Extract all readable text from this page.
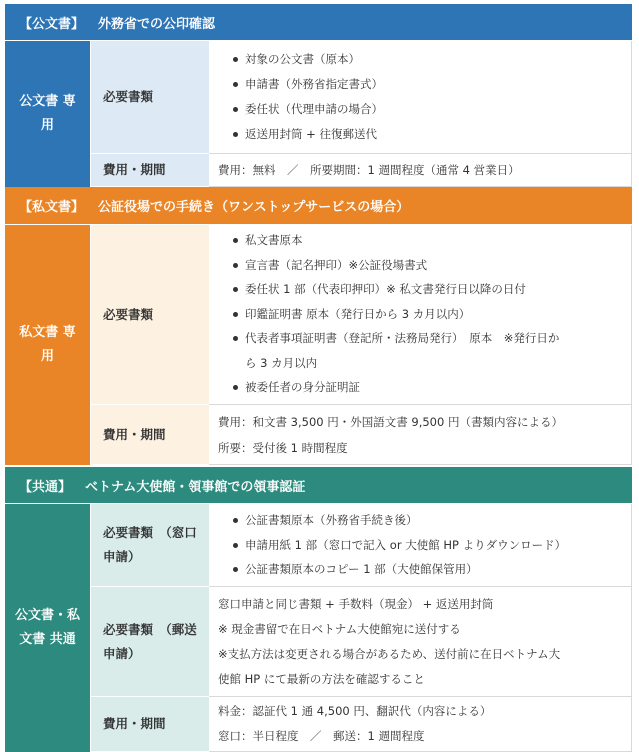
【公文書】 外務省での公印確認
公文書 専用
必要書類
対象の公文書（原本）
申請書（外務省指定書式）
委任状（代理申請の場合）
返送用封筒 + 往復郵送代
費用・期間	費用：無料　／　所要期間：1 週間程度（通常 4 営業日）

【私文書】 公証役場での手続き（ワンストップサービスの場合）
私文書 専用
必要書類
私文書原本
宣言書（記名押印）※公証役場書式
委任状 1 部（代表印押印）※ 私文書発行日以降の日付
印鑑証明書 原本（発行日から 3 カ月以内）
代表者事項証明書（登記所・法務局発行）　原本　※発行日か
ら 3 カ月以内
被委任者の身分証明証
費用・期間

費用：和文書 3,500 円・外国語文書 9,500 円（書類内容による）

所要：受付後 1 時間程度

【共通】 ベトナム大使館・領事館での領事認証
公文書・私文書 共通
必要書類　（窓口申請）
公証書類原本（外務省手続き後）
申請用紙 1 部（窓口で記入 or 大使館 HP よりダウンロード）
公証書類原本のコピー 1 部（大使館保管用）
必要書類　（郵送申請）

窓口申請と同じ書類 + 手数料（現金） + 返送用封筒

※ 現金書留で在日ベトナム大使館宛に送付する

※支払方法は変更される場合があるため、送付前に在日ベトナム大

使館 HP にて最新の方法を確認すること

費用・期間

料金：認証代 1 通 4,500 円、翻訳代（内容による）

窓口：半日程度　／　郵送：1 週間程度
